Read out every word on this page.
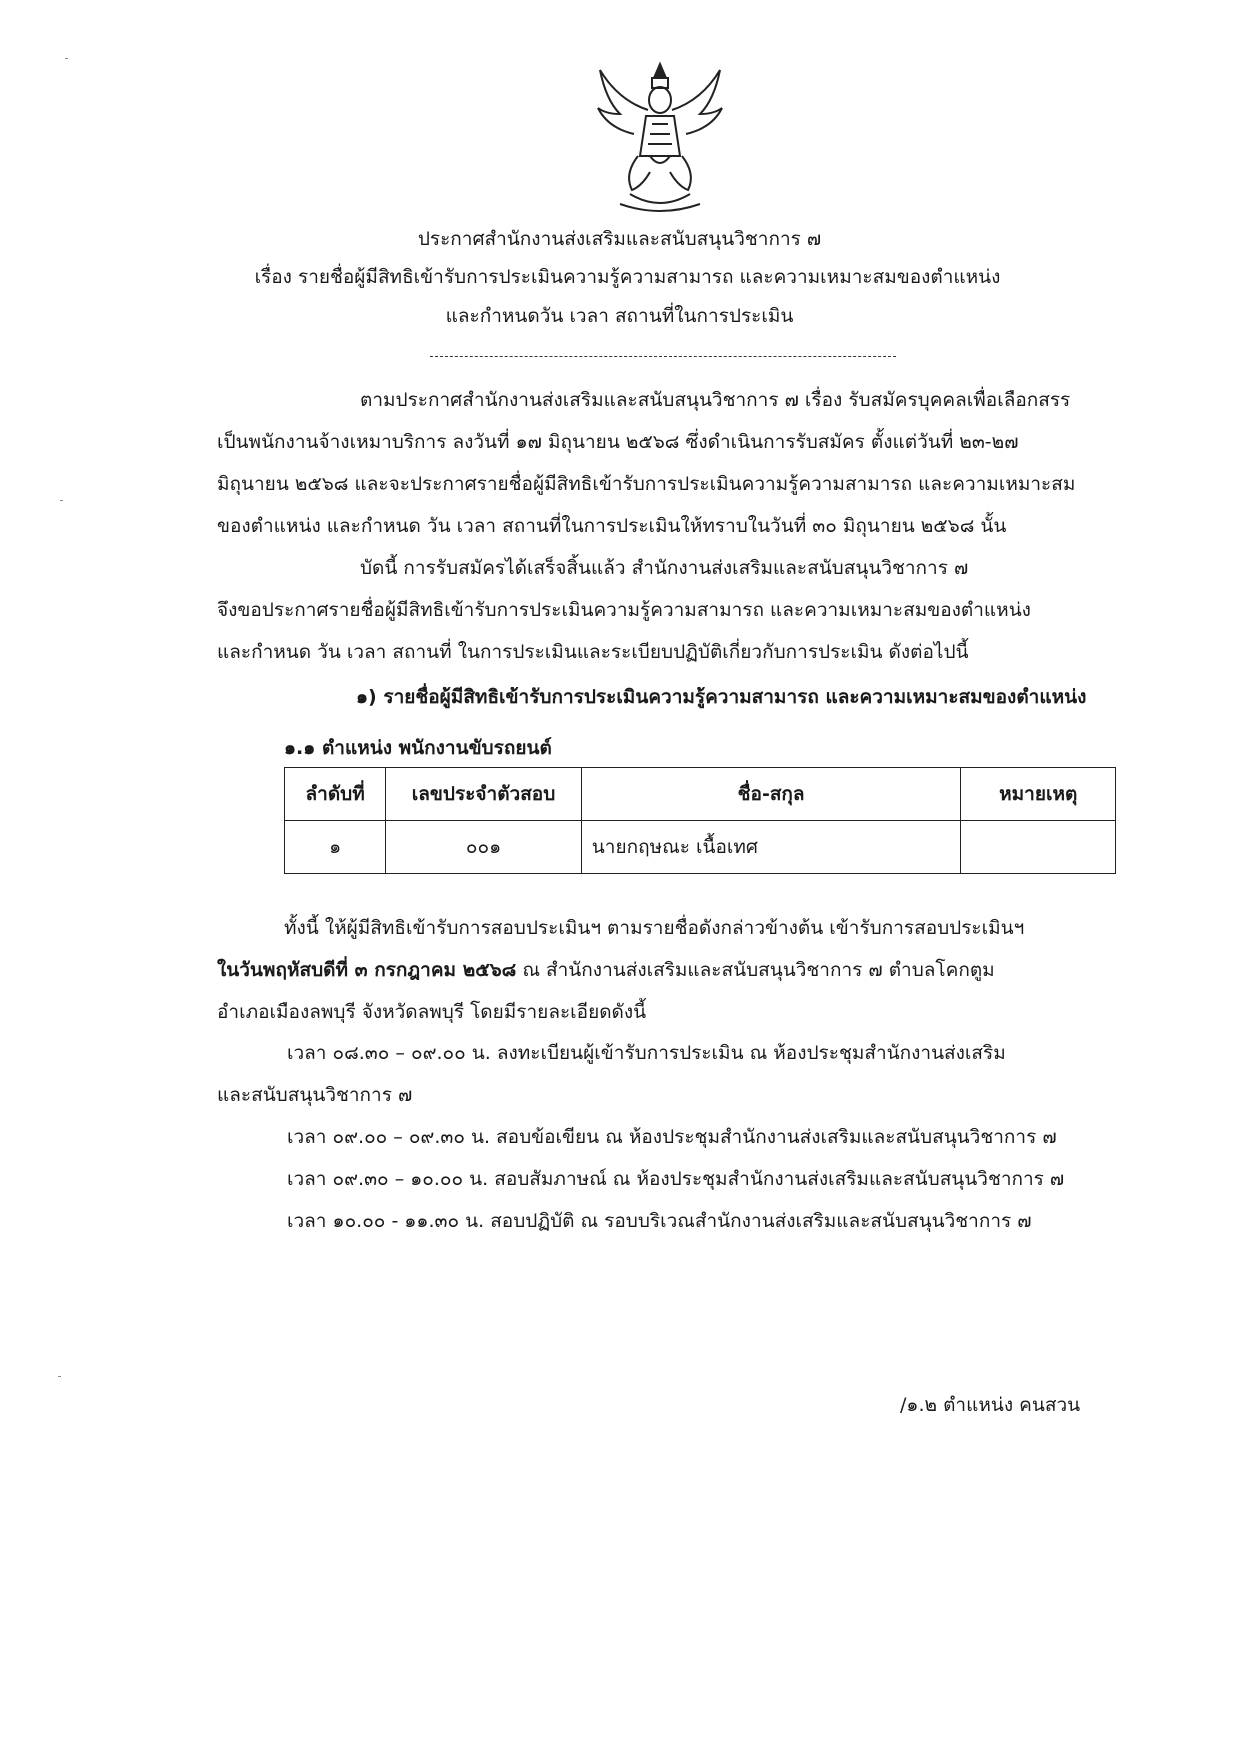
ประกาศสำนักงานส่งเสริมและสนับสนุนวิชาการ ๗
เรื่อง รายชื่อผู้มีสิทธิเข้ารับการประเมินความรู้ความสามารถ และความเหมาะสมของตำแหน่ง
และกำหนดวัน เวลา สถานที่ในการประเมิน
ตามประกาศสำนักงานส่งเสริมและสนับสนุนวิชาการ ๗ เรื่อง รับสมัครบุคคลเพื่อเลือกสรร
เป็นพนักงานจ้างเหมาบริการ ลงวันที่ ๑๗ มิถุนายน ๒๕๖๘ ซึ่งดำเนินการรับสมัคร ตั้งแต่วันที่ ๒๓-๒๗
มิถุนายน ๒๕๖๘ และจะประกาศรายชื่อผู้มีสิทธิเข้ารับการประเมินความรู้ความสามารถ และความเหมาะสม
ของตำแหน่ง และกำหนด วัน เวลา สถานที่ในการประเมินให้ทราบในวันที่ ๓๐ มิถุนายน ๒๕๖๘ นั้น
บัดนี้ การรับสมัครได้เสร็จสิ้นแล้ว สำนักงานส่งเสริมและสนับสนุนวิชาการ ๗
จึงขอประกาศรายชื่อผู้มีสิทธิเข้ารับการประเมินความรู้ความสามารถ และความเหมาะสมของตำแหน่ง
และกำหนด วัน เวลา สถานที่ ในการประเมินและระเบียบปฏิบัติเกี่ยวกับการประเมิน ดังต่อไปนี้
๑) รายชื่อผู้มีสิทธิเข้ารับการประเมินความรู้ความสามารถ และความเหมาะสมของตำแหน่ง
๑.๑ ตำแหน่ง พนักงานขับรถยนต์
ลำดับที่	เลขประจำตัวสอบ	ชื่อ-สกุล	หมายเหตุ
๑	๐๐๑	นายกฤษณะ เนื้อเทศ	
ทั้งนี้ ให้ผู้มีสิทธิเข้ารับการสอบประเมินฯ ตามรายชื่อดังกล่าวข้างต้น เข้ารับการสอบประเมินฯ
ในวันพฤหัสบดีที่ ๓ กรกฎาคม ๒๕๖๘ ณ สำนักงานส่งเสริมและสนับสนุนวิชาการ ๗ ตำบลโคกตูม
อำเภอเมืองลพบุรี จังหวัดลพบุรี โดยมีรายละเอียดดังนี้
เวลา ๐๘.๓๐ – ๐๙.๐๐ น. ลงทะเบียนผู้เข้ารับการประเมิน ณ ห้องประชุมสำนักงานส่งเสริม
และสนับสนุนวิชาการ ๗
เวลา ๐๙.๐๐ – ๐๙.๓๐ น. สอบข้อเขียน ณ ห้องประชุมสำนักงานส่งเสริมและสนับสนุนวิชาการ ๗
เวลา ๐๙.๓๐ – ๑๐.๐๐ น. สอบสัมภาษณ์ ณ ห้องประชุมสำนักงานส่งเสริมและสนับสนุนวิชาการ ๗
เวลา ๑๐.๐๐ - ๑๑.๓๐ น. สอบปฏิบัติ ณ รอบบริเวณสำนักงานส่งเสริมและสนับสนุนวิชาการ ๗
/๑.๒ ตำแหน่ง คนสวน
